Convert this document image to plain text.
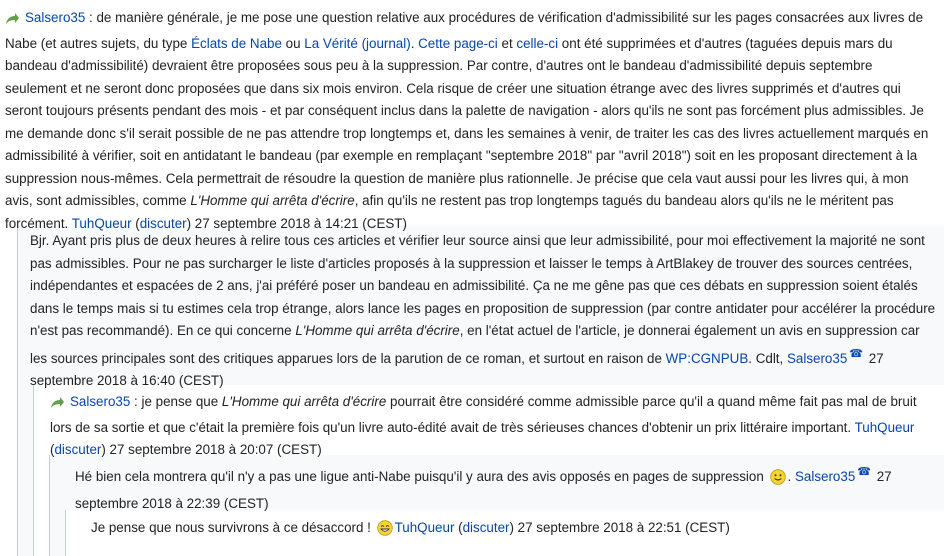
Salsero35 : de manière générale, je me pose une question relative aux procédures de vérification d'admissibilité sur les pages consacrées aux livres de Nabe (et autres sujets, du type Éclats de Nabe ou La Vérité (journal). Cette page-ci et celle-ci ont été supprimées et d'autres (taguées depuis mars du bandeau d'admissibilité) devraient être proposées sous peu à la suppression. Par contre, d'autres ont le bandeau d'admissibilité depuis septembre seulement et ne seront donc proposées que dans six mois environ. Cela risque de créer une situation étrange avec des livres supprimés et d'autres qui seront toujours présents pendant des mois - et par conséquent inclus dans la palette de navigation - alors qu'ils ne sont pas forcément plus admissibles. Je me demande donc s'il serait possible de ne pas attendre trop longtemps et, dans les semaines à venir, de traiter les cas des livres actuellement marqués en admissibilité à vérifier, soit en antidatant le bandeau (par exemple en remplaçant "septembre 2018" par "avril 2018") soit en les proposant directement à la suppression nous-mêmes. Cela permettrait de résoudre la question de manière plus rationnelle. Je précise que cela vaut aussi pour les livres qui, à mon avis, sont admissibles, comme L'Homme qui arrêta d'écrire, afin qu'ils ne restent pas trop longtemps tagués du bandeau alors qu'ils ne le méritent pas forcément. TuhQueur (discuter) 27 septembre 2018 à 14:21 (CEST)

Bjr. Ayant pris plus de deux heures à relire tous ces articles et vérifier leur source ainsi que leur admissibilité, pour moi effectivement la majorité ne sont pas admissibles. Pour ne pas surcharger le liste d'articles proposés à la suppression et laisser le temps à ArtBlakey de trouver des sources centrées, indépendantes et espacées de 2 ans, j'ai préféré poser un bandeau en admissibilité. Ça ne me gêne pas que ces débats en suppression soient étalés dans le temps mais si tu estimes cela trop étrange, alors lance les pages en proposition de suppression (par contre antidater pour accélérer la procédure n'est pas recommandé). En ce qui concerne L'Homme qui arrêta d'écrire, en l'état actuel de l'article, je donnerai également un avis en suppression car les sources principales sont des critiques apparues lors de la parution de ce roman, et surtout en raison de WP:CGNPUB. Cdlt, Salsero35 ☎ 27 septembre 2018 à 16:40 (CEST)

Salsero35 : je pense que L'Homme qui arrêta d'écrire pourrait être considéré comme admissible parce qu'il a quand même fait pas mal de bruit lors de sa sortie et que c'était la première fois qu'un livre auto-édité avait de très sérieuses chances d'obtenir un prix littéraire important. TuhQueur (discuter) 27 septembre 2018 à 20:07 (CEST)

Hé bien cela montrera qu'il n'y a pas une ligue anti-Nabe puisqu'il y aura des avis opposés en pages de suppression . Salsero35 ☎ 27 septembre 2018 à 22:39 (CEST)

Je pense que nous survivrons à ce désaccord ! TuhQueur (discuter) 27 septembre 2018 à 22:51 (CEST)
